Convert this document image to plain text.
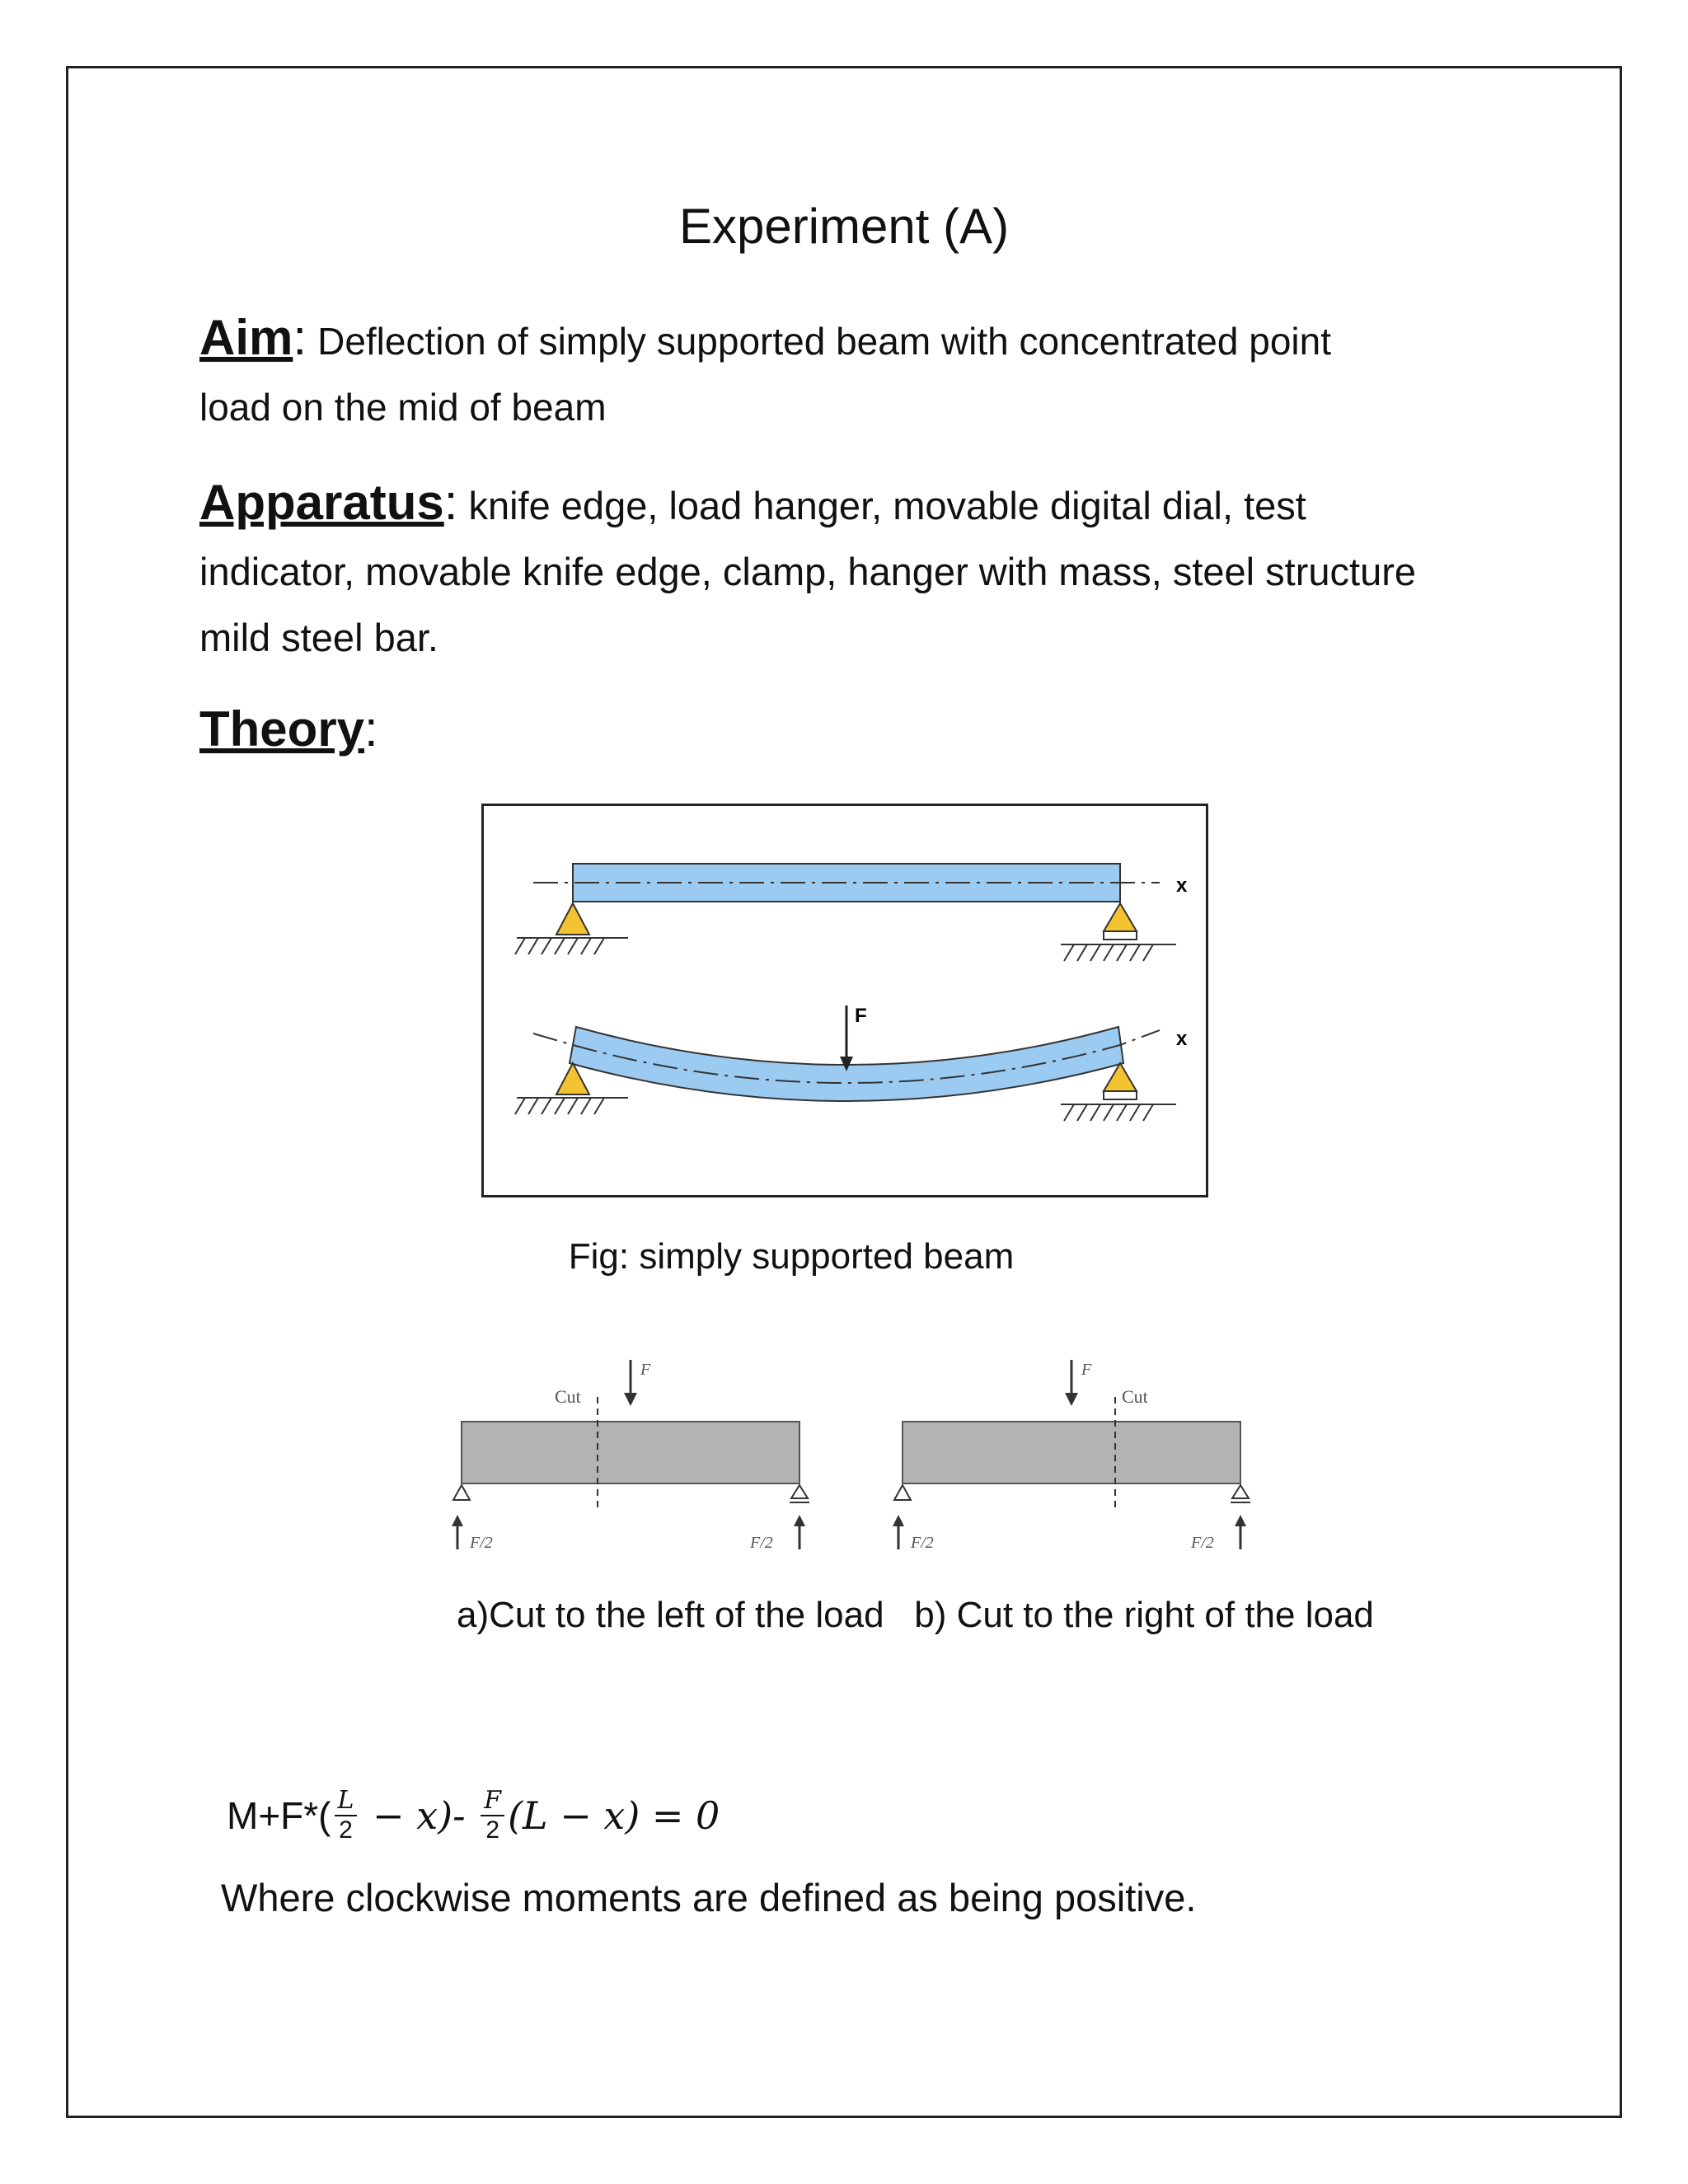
Experiment (A)

Aim: Deflection of simply supported beam with concentrated point
load on the mid of beam

Apparatus: knife edge, load hanger, movable digital dial, test
indicator, movable knife edge, clamp, hanger with mass, steel structure
mild steel bar.

Theory:

x
x
F
Fig: simply supported beam
Cut
F
F/2	F/2
Cut
F
F/2	F/2
a)Cut to the left of the load   b) Cut to the right of the load
$M+F*( \frac{L}{2} - x)- \frac{F}{2} (L - x) = 0$
Where clockwise moments are defined as being positive.
